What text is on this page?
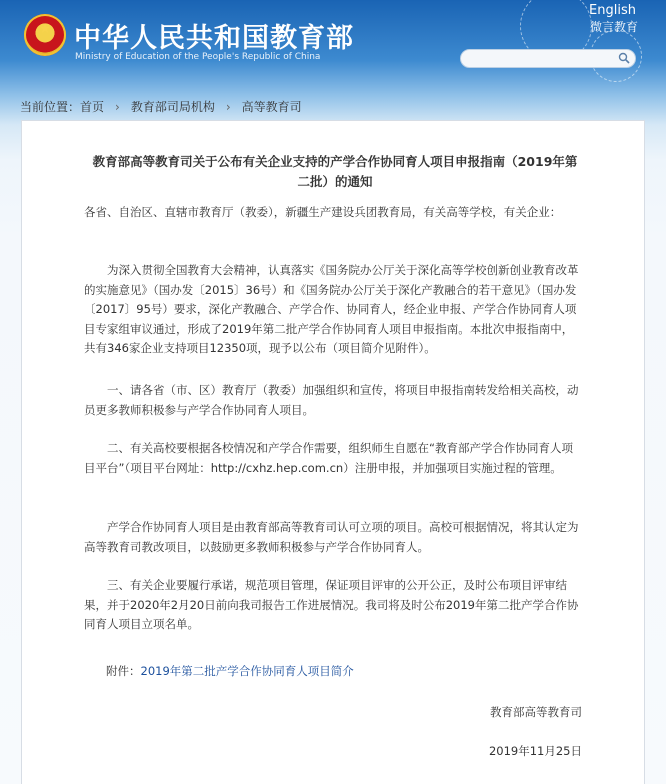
★ 中华人民共和国教育部
Ministry of Education of the People's Republic of China
English
微言教育
当前位置：首页 › 教育部司局机构 › 高等教育司
教育部高等教育司关于公布有关企业支持的产学合作协同育人项目申报指南（2019年第二批）的通知

各省、自治区、直辖市教育厅（教委），新疆生产建设兵团教育局，有关高等学校，有关企业：

为深入贯彻全国教育大会精神，认真落实《国务院办公厅关于深化高等学校创新创业教育改革的实施意见》（国办发〔2015〕36号）和《国务院办公厅关于深化产教融合的若干意见》（国办发〔2017〕95号）要求，深化产教融合、产学合作、协同育人，经企业申报、产学合作协同育人项目专家组审议通过，形成了2019年第二批产学合作协同育人项目申报指南。本批次申报指南中，共有346家企业支持项目12350项，现予以公布（项目简介见附件）。

一、请各省（市、区）教育厅（教委）加强组织和宣传，将项目申报指南转发给相关高校，动员更多教师积极参与产学合作协同育人项目。

二、有关高校要根据各校情况和产学合作需要，组织师生自愿在“教育部产学合作协同育人项目平台”（项目平台网址：http://cxhz.hep.com.cn）注册申报，并加强项目实施过程的管理。

产学合作协同育人项目是由教育部高等教育司认可立项的项目。高校可根据情况，将其认定为高等教育司教改项目，以鼓励更多教师积极参与产学合作协同育人。

三、有关企业要履行承诺，规范项目管理，保证项目评审的公开公正，及时公布项目评审结果，并于2020年2月20日前向我司报告工作进展情况。我司将及时公布2019年第二批产学合作协同育人项目立项名单。

附件：2019年第二批产学合作协同育人项目简介
教育部高等教育司
2019年11月25日
